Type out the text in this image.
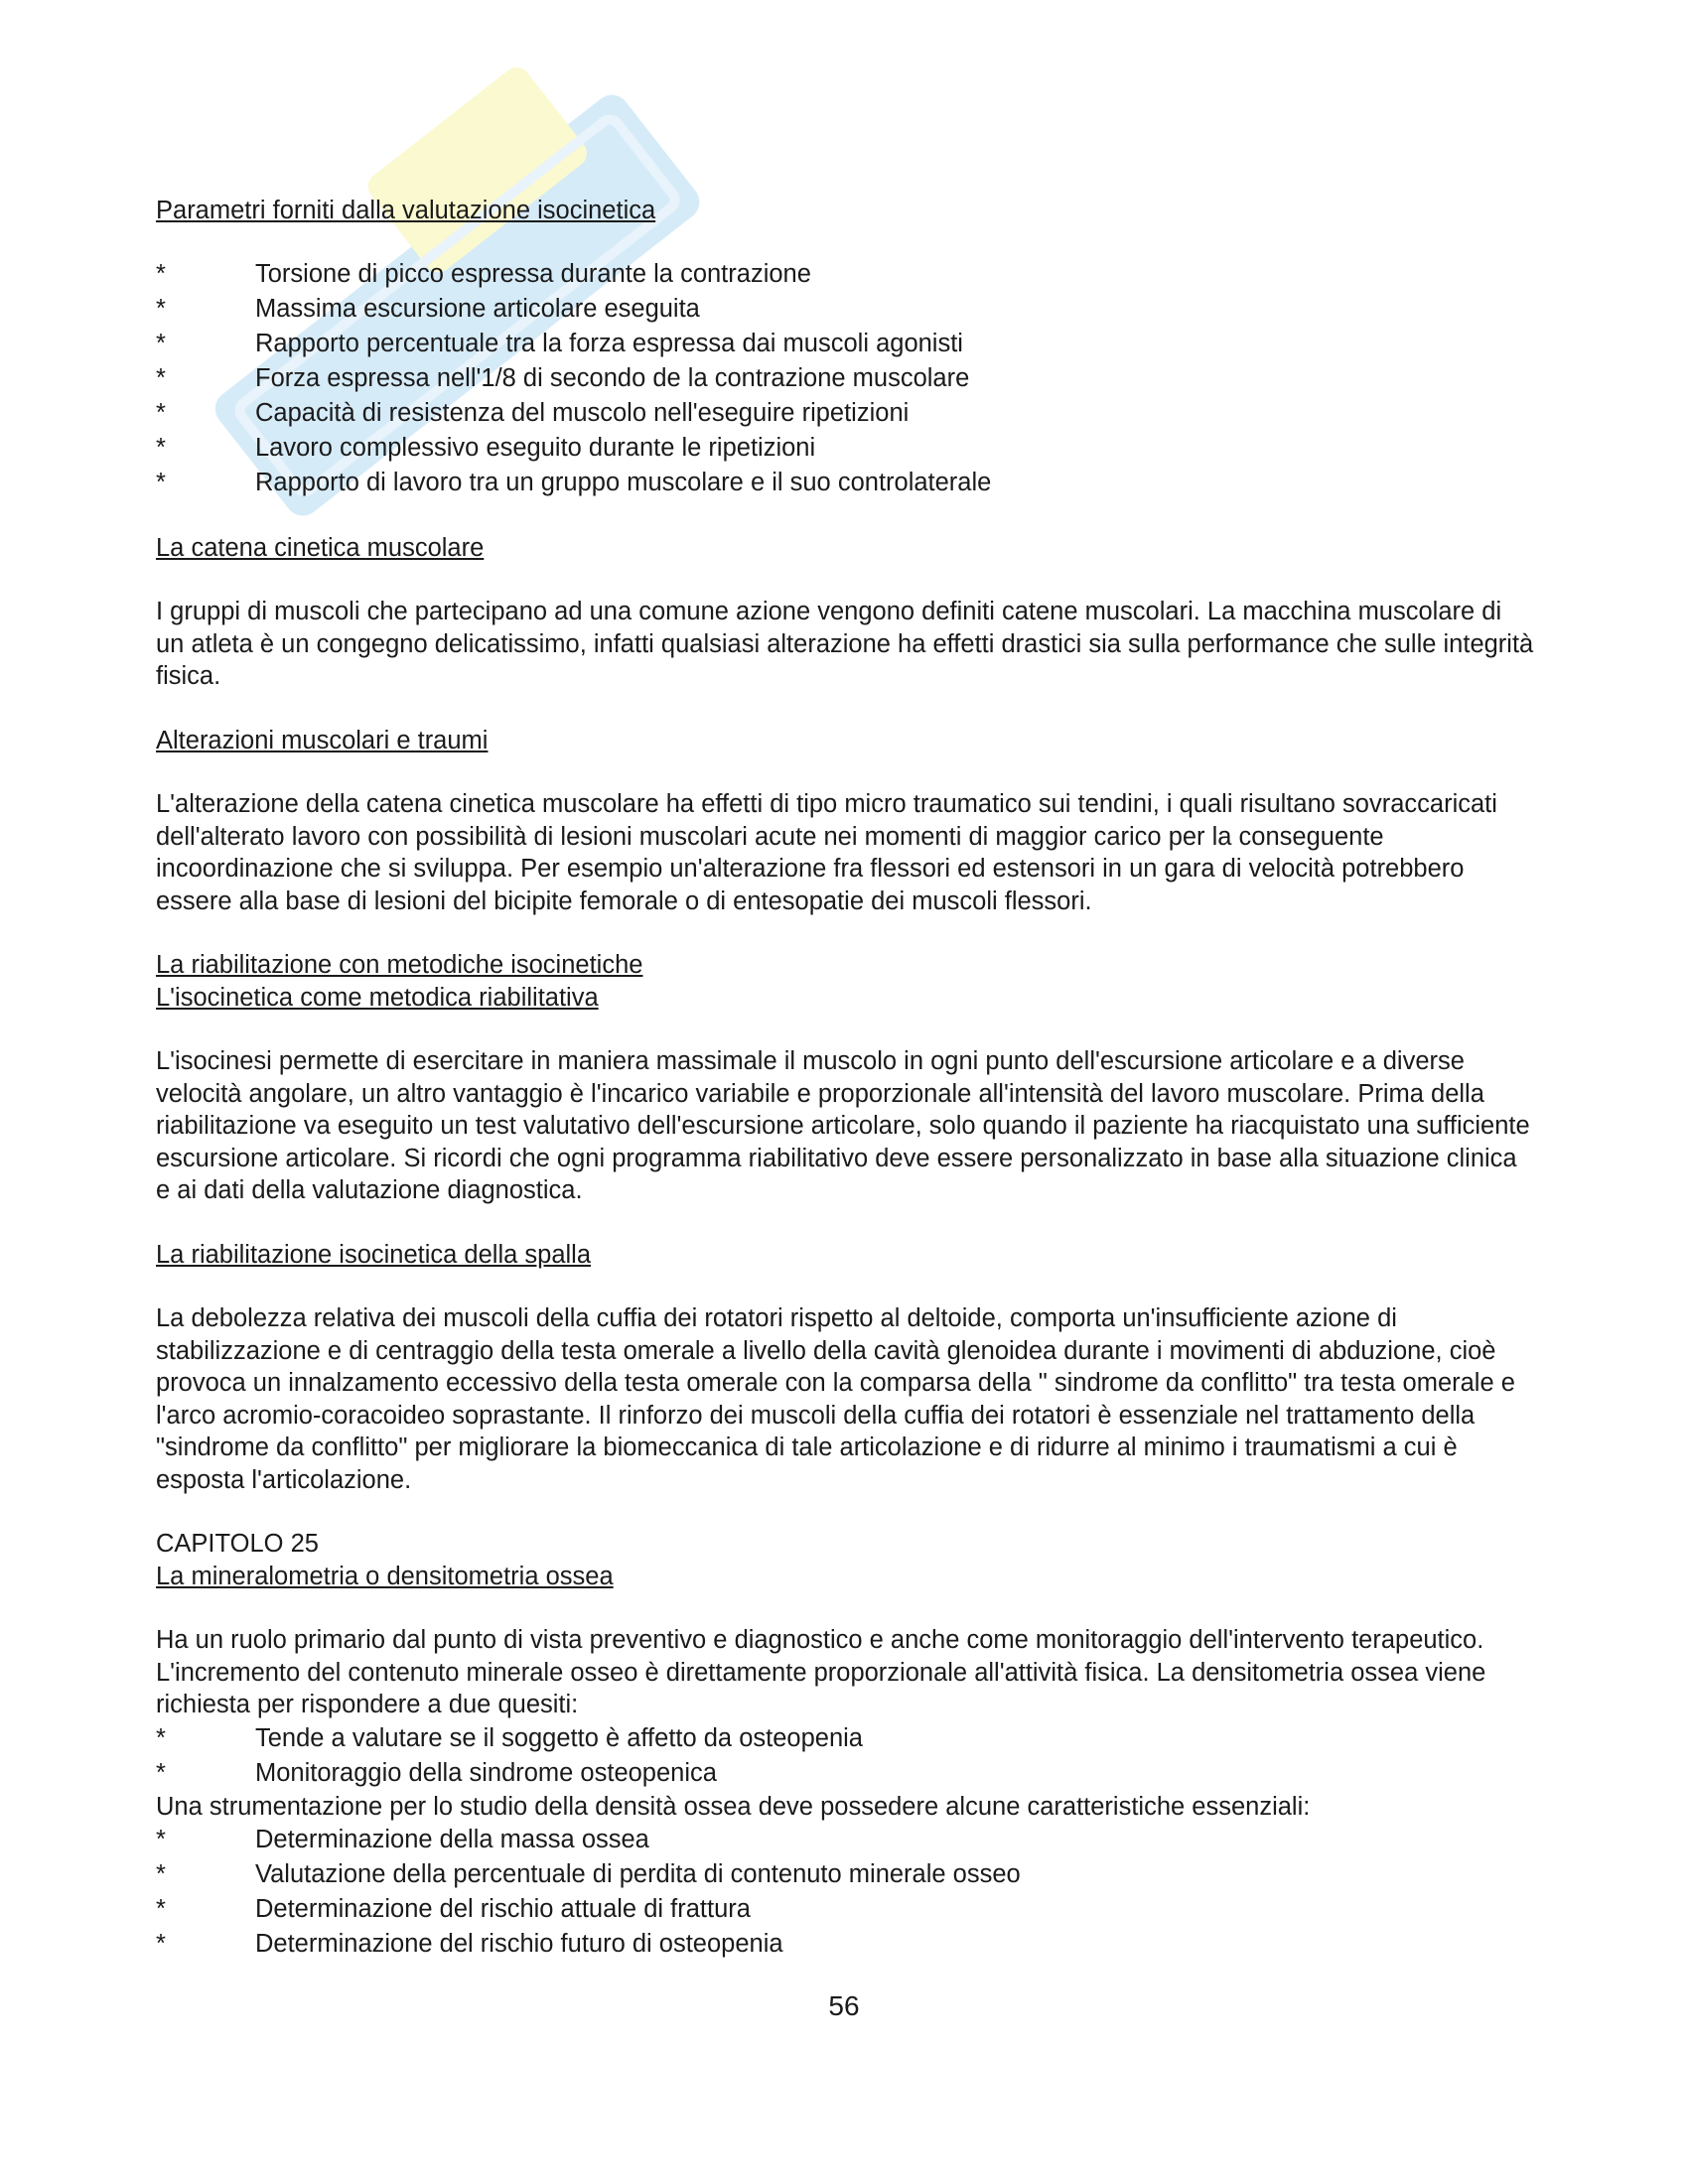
Parametri forniti dalla valutazione isocinetica

*	Torsione di picco espressa durante la contrazione
*	Massima escursione articolare eseguita
*	Rapporto percentuale tra la forza espressa dai muscoli agonisti
*	Forza espressa nell'1/8 di secondo de la contrazione muscolare
*	Capacità di resistenza del muscolo nell'eseguire ripetizioni
*	Lavoro complessivo eseguito durante le ripetizioni
*	Rapporto di lavoro tra un gruppo muscolare e il suo controlaterale

La catena cinetica muscolare

I gruppi di muscoli che partecipano ad una comune azione vengono definiti catene muscolari. La macchina muscolare di un atleta è un congegno delicatissimo, infatti qualsiasi alterazione ha effetti drastici sia sulla performance che sulle integrità fisica.

Alterazioni muscolari e traumi

L'alterazione della catena cinetica muscolare ha effetti di tipo micro traumatico sui tendini, i quali risultano sovraccaricati dell'alterato lavoro con possibilità di lesioni muscolari acute nei momenti di maggior carico per la conseguente incoordinazione che si sviluppa. Per esempio un'alterazione fra flessori ed estensori in un gara di velocità potrebbero essere alla base di lesioni del bicipite femorale o di entesopatie dei muscoli flessori.

La riabilitazione con metodiche isocinetiche

L'isocinetica come metodica riabilitativa

L'isocinesi permette di esercitare in maniera massimale il muscolo in ogni punto dell'escursione articolare e a diverse velocità angolare, un altro vantaggio è l'incarico variabile e proporzionale all'intensità del lavoro muscolare. Prima della riabilitazione va eseguito un test valutativo dell'escursione articolare, solo quando il paziente ha riacquistato una sufficiente escursione articolare. Si ricordi che ogni programma riabilitativo deve essere personalizzato in base alla situazione clinica e ai dati della valutazione diagnostica.

La riabilitazione isocinetica della spalla

La debolezza relativa dei muscoli della cuffia dei rotatori rispetto al deltoide, comporta un'insufficiente azione di stabilizzazione e di centraggio della testa omerale a livello della cavità glenoidea durante i movimenti di abduzione, cioè provoca un innalzamento eccessivo della testa omerale con la comparsa della " sindrome da conflitto" tra testa omerale e l'arco acromio-coracoideo soprastante. Il rinforzo dei muscoli della cuffia dei rotatori è essenziale nel trattamento della "sindrome da conflitto" per migliorare la biomeccanica di tale articolazione e di ridurre al minimo i traumatismi a cui è esposta l'articolazione.

CAPITOLO 25

La mineralometria o densitometria ossea

Ha un ruolo primario dal punto di vista preventivo e diagnostico e anche come monitoraggio dell'intervento terapeutico. L'incremento del contenuto minerale osseo è direttamente proporzionale all'attività fisica. La densitometria ossea viene richiesta per rispondere a due quesiti:

*	Tende a valutare se il soggetto è affetto da osteopenia
*	Monitoraggio della sindrome osteopenica

Una strumentazione per lo studio della densità ossea deve possedere alcune caratteristiche essenziali:

*	Determinazione della massa ossea
*	Valutazione della percentuale di perdita di contenuto minerale osseo
*	Determinazione del rischio attuale di frattura
*	Determinazione del rischio futuro di osteopenia
56
